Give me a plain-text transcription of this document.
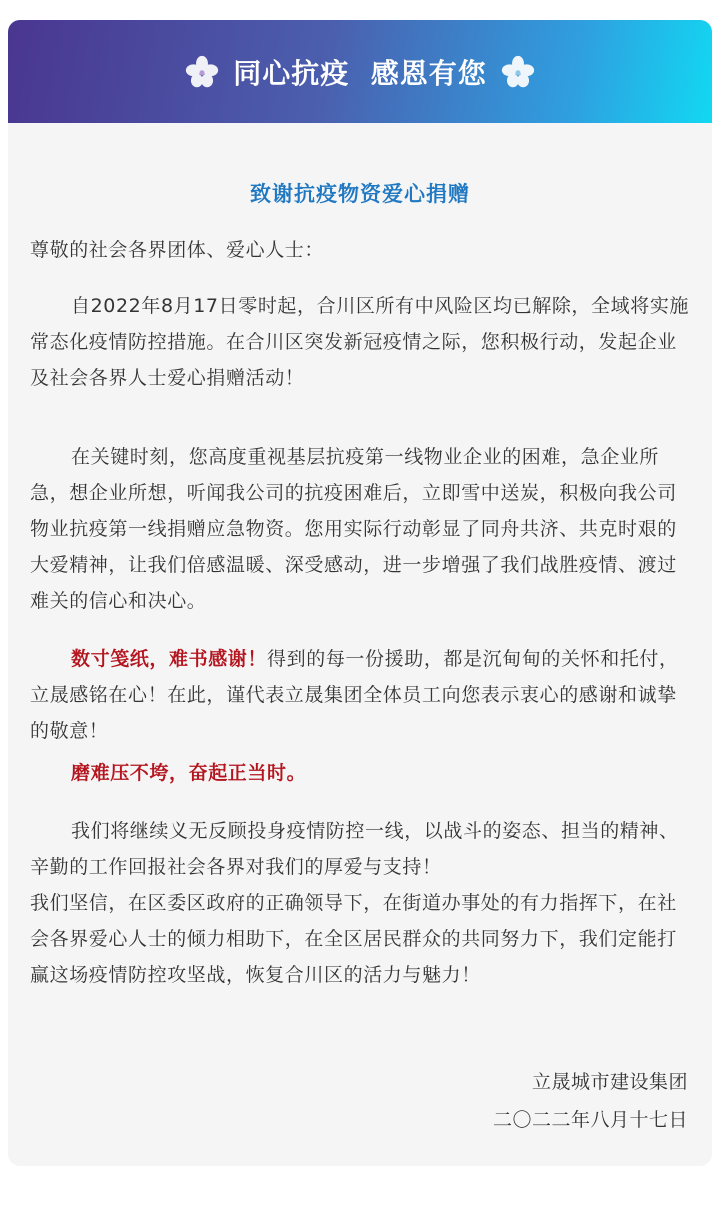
同心抗疫  感恩有您
致谢抗疫物资爱心捐赠

尊敬的社会各界团体、爱心人士：

自2022年8月17日零时起，合川区所有中风险区均已解除，全域将实施常态化疫情防控措施。在合川区突发新冠疫情之际，您积极行动，发起企业及社会各界人士爱心捐赠活动！

在关键时刻，您高度重视基层抗疫第一线物业企业的困难，急企业所急，想企业所想，听闻我公司的抗疫困难后，立即雪中送炭，积极向我公司物业抗疫第一线捐赠应急物资。您用实际行动彰显了同舟共济、共克时艰的大爱精神，让我们倍感温暖、深受感动，进一步增强了我们战胜疫情、渡过难关的信心和决心。

数寸笺纸，难书感谢！得到的每一份援助，都是沉甸甸的关怀和托付，立晟感铭在心！在此，谨代表立晟集团全体员工向您表示衷心的感谢和诚挚的敬意！

磨难压不垮，奋起正当时。

我们将继续义无反顾投身疫情防控一线，以战斗的姿态、担当的精神、辛勤的工作回报社会各界对我们的厚爱与支持！

我们坚信，在区委区政府的正确领导下，在街道办事处的有力指挥下，在社会各界爱心人士的倾力相助下，在全区居民群众的共同努力下，我们定能打赢这场疫情防控攻坚战，恢复合川区的活力与魅力！

立晟城市建设集团
二〇二二年八月十七日
